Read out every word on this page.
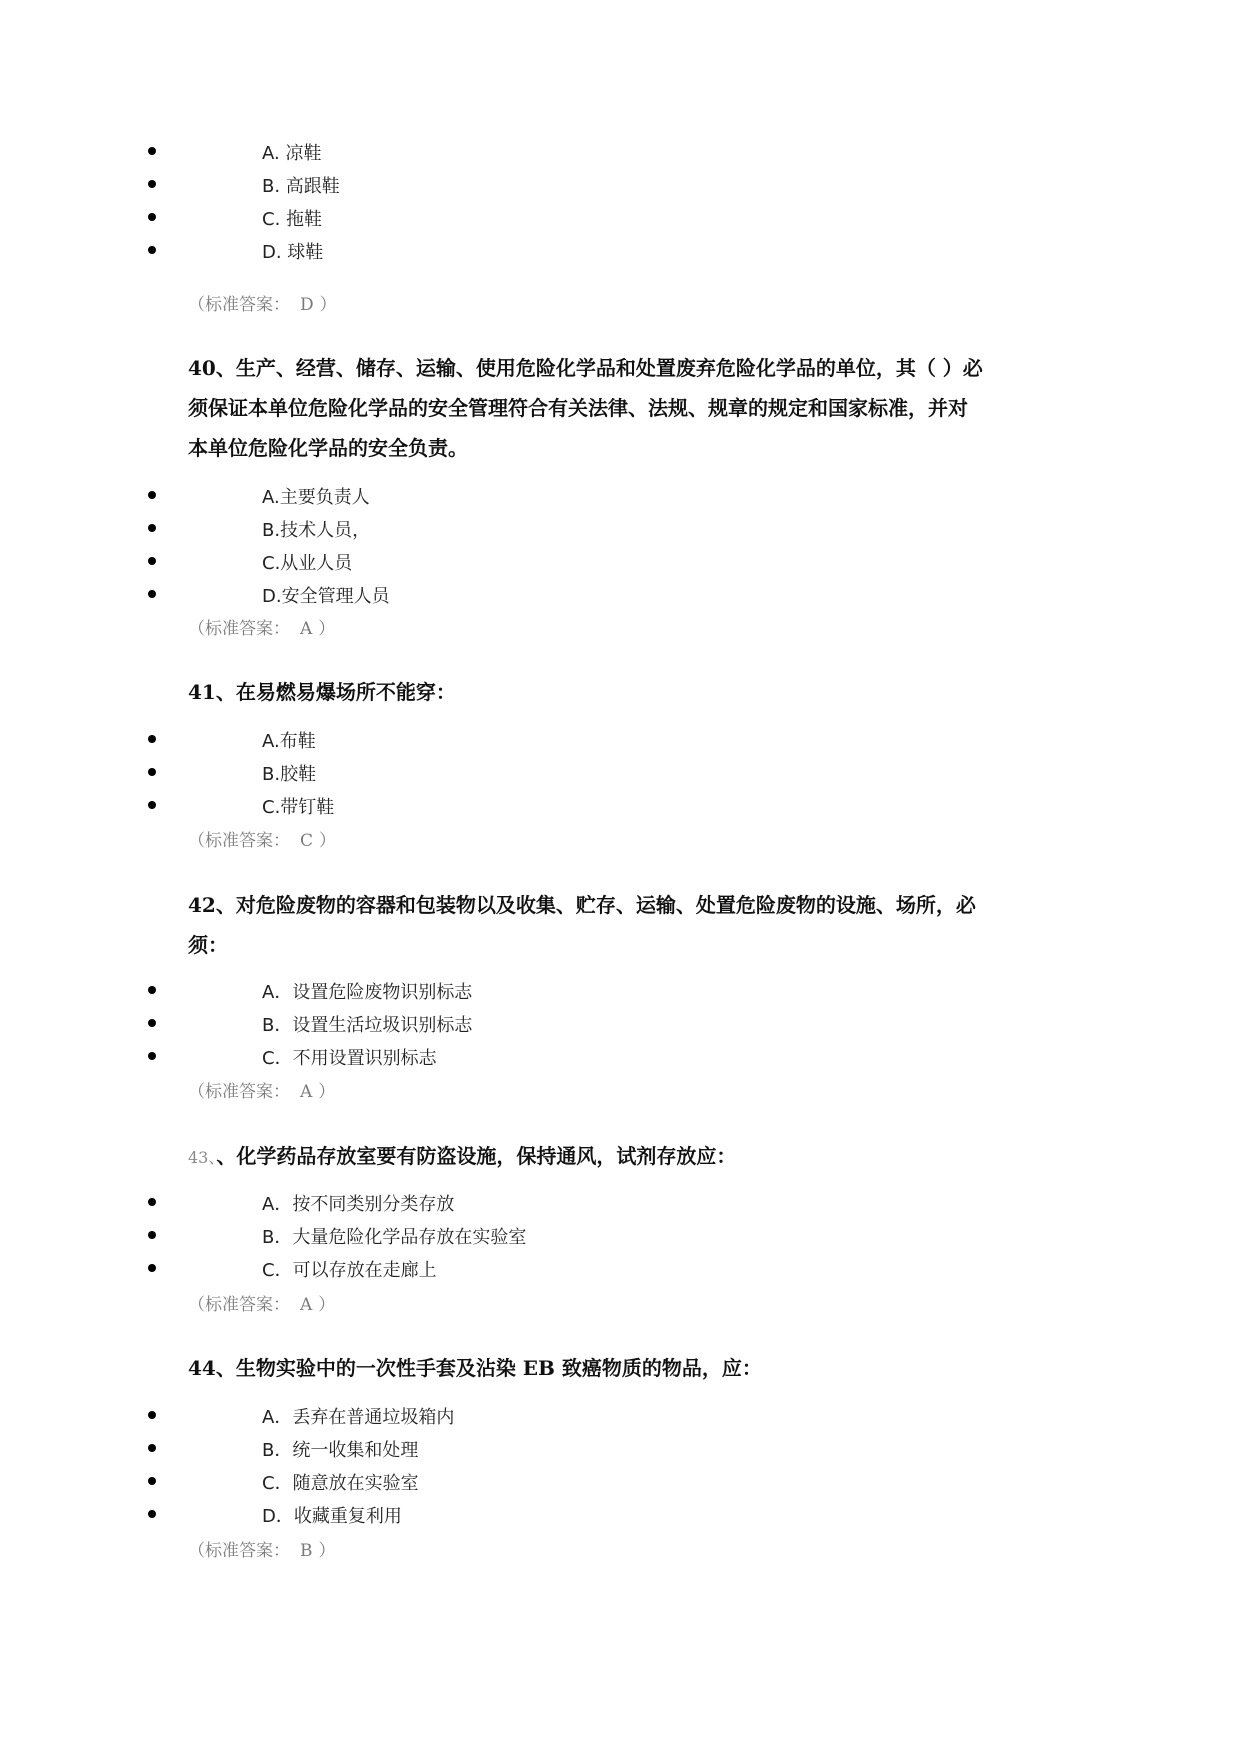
A. 凉鞋
B. 高跟鞋
C. 拖鞋
D. 球鞋
（标准答案： D ）
40、生产、经营、储存、运输、使用危险化学品和处置废弃危险化学品的单位，其（ ）必
须保证本单位危险化学品的安全管理符合有关法律、法规、规章的规定和国家标准，并对
本单位危险化学品的安全负责。
A.主要负责人
B.技术人员，
C.从业人员
D.安全管理人员
（标准答案： A ）
41、在易燃易爆场所不能穿：
A.布鞋
B.胶鞋
C.带钉鞋
（标准答案： C ）
42、对危险废物的容器和包装物以及收集、贮存、运输、处置危险废物的设施、场所，必
须：
A．设置危险废物识别标志
B．设置生活垃圾识别标志
C．不用设置识别标志
（标准答案： A ）
43、、化学药品存放室要有防盗设施，保持通风，试剂存放应：
A．按不同类别分类存放
B．大量危险化学品存放在实验室
C．可以存放在走廊上
（标准答案： A ）
44、生物实验中的一次性手套及沾染 EB 致癌物质的物品，应：
A．丢弃在普通垃圾箱内
B．统一收集和处理
C．随意放在实验室
D．收藏重复利用
（标准答案： B ）
